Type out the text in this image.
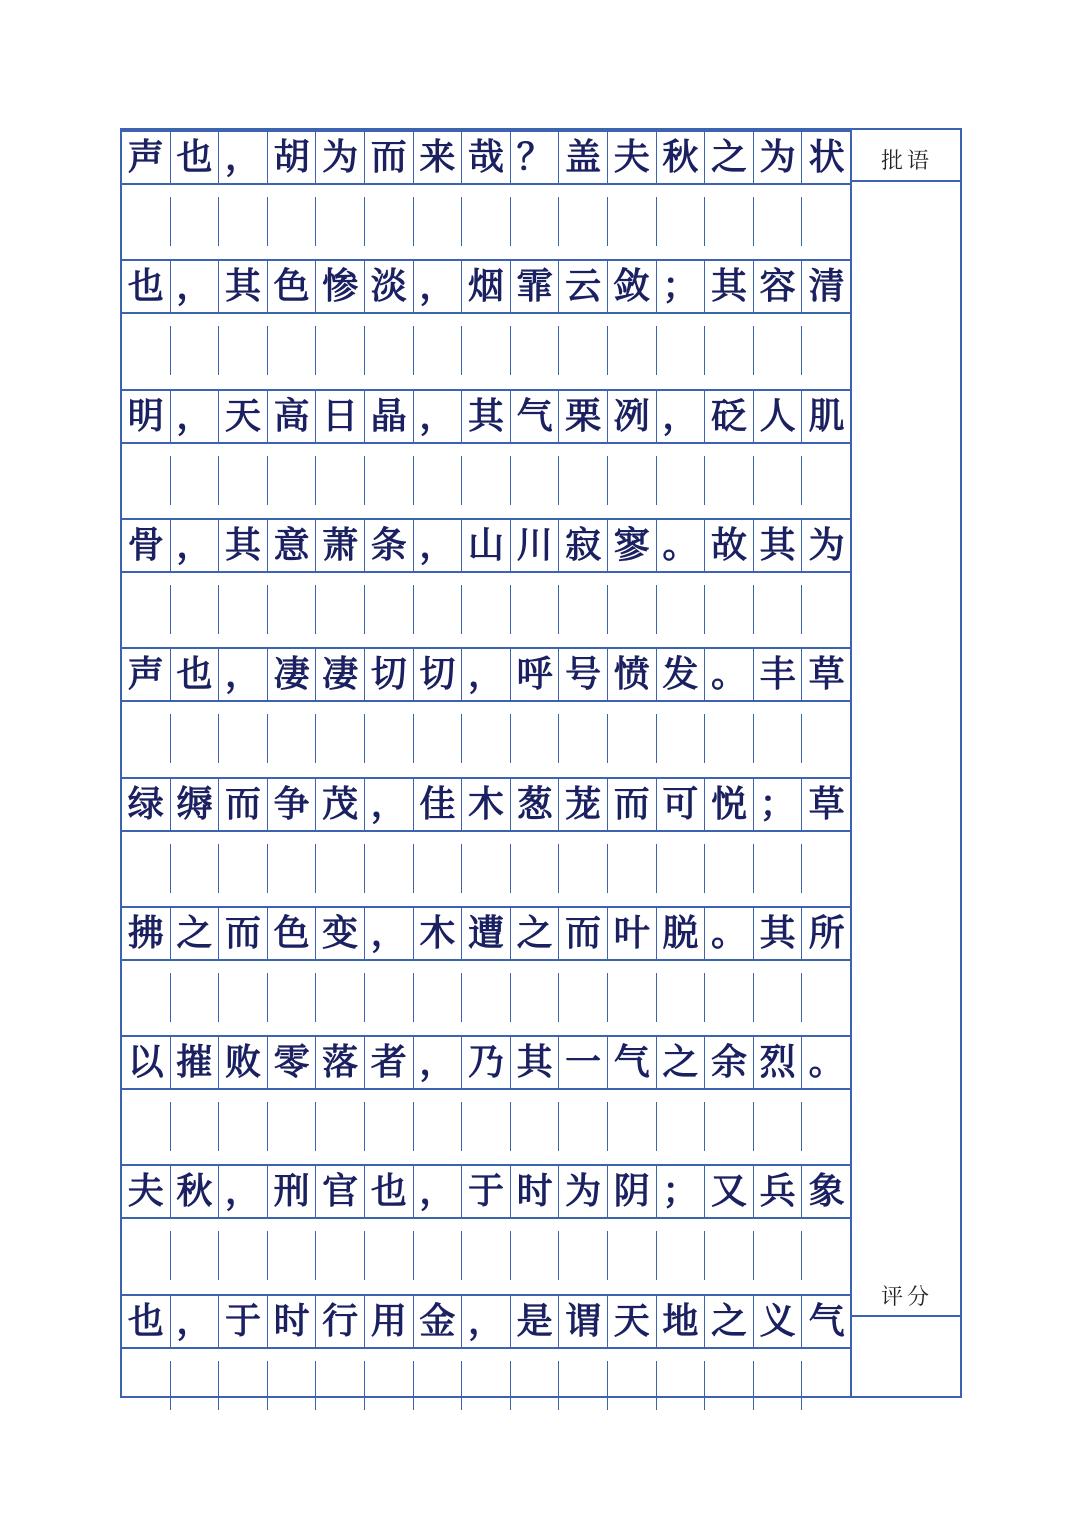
声 也 ， 胡 为 而 来 哉 ？ 盖 夫 秋 之 为 状
也 ， 其 色 惨 淡 ， 烟 霏 云 敛 ； 其 容 清
明 ， 天 高 日 晶 ， 其 气 栗 冽 ， 砭 人 肌
骨 ， 其 意 萧 条 ， 山 川 寂 寥 。 故 其 为
声 也 ， 凄 凄 切 切 ， 呼 号 愤 发 。 丰 草
绿 缛 而 争 茂 ， 佳 木 葱 茏 而 可 悦 ； 草
拂 之 而 色 变 ， 木 遭 之 而 叶 脱 。 其 所
以 摧 败 零 落 者 ， 乃 其 一 气 之 余 烈 。
夫 秋 ， 刑 官 也 ， 于 时 为 阴 ； 又 兵 象
也 ， 于 时 行 用 金 ， 是 谓 天 地 之 义 气
批语
评分
